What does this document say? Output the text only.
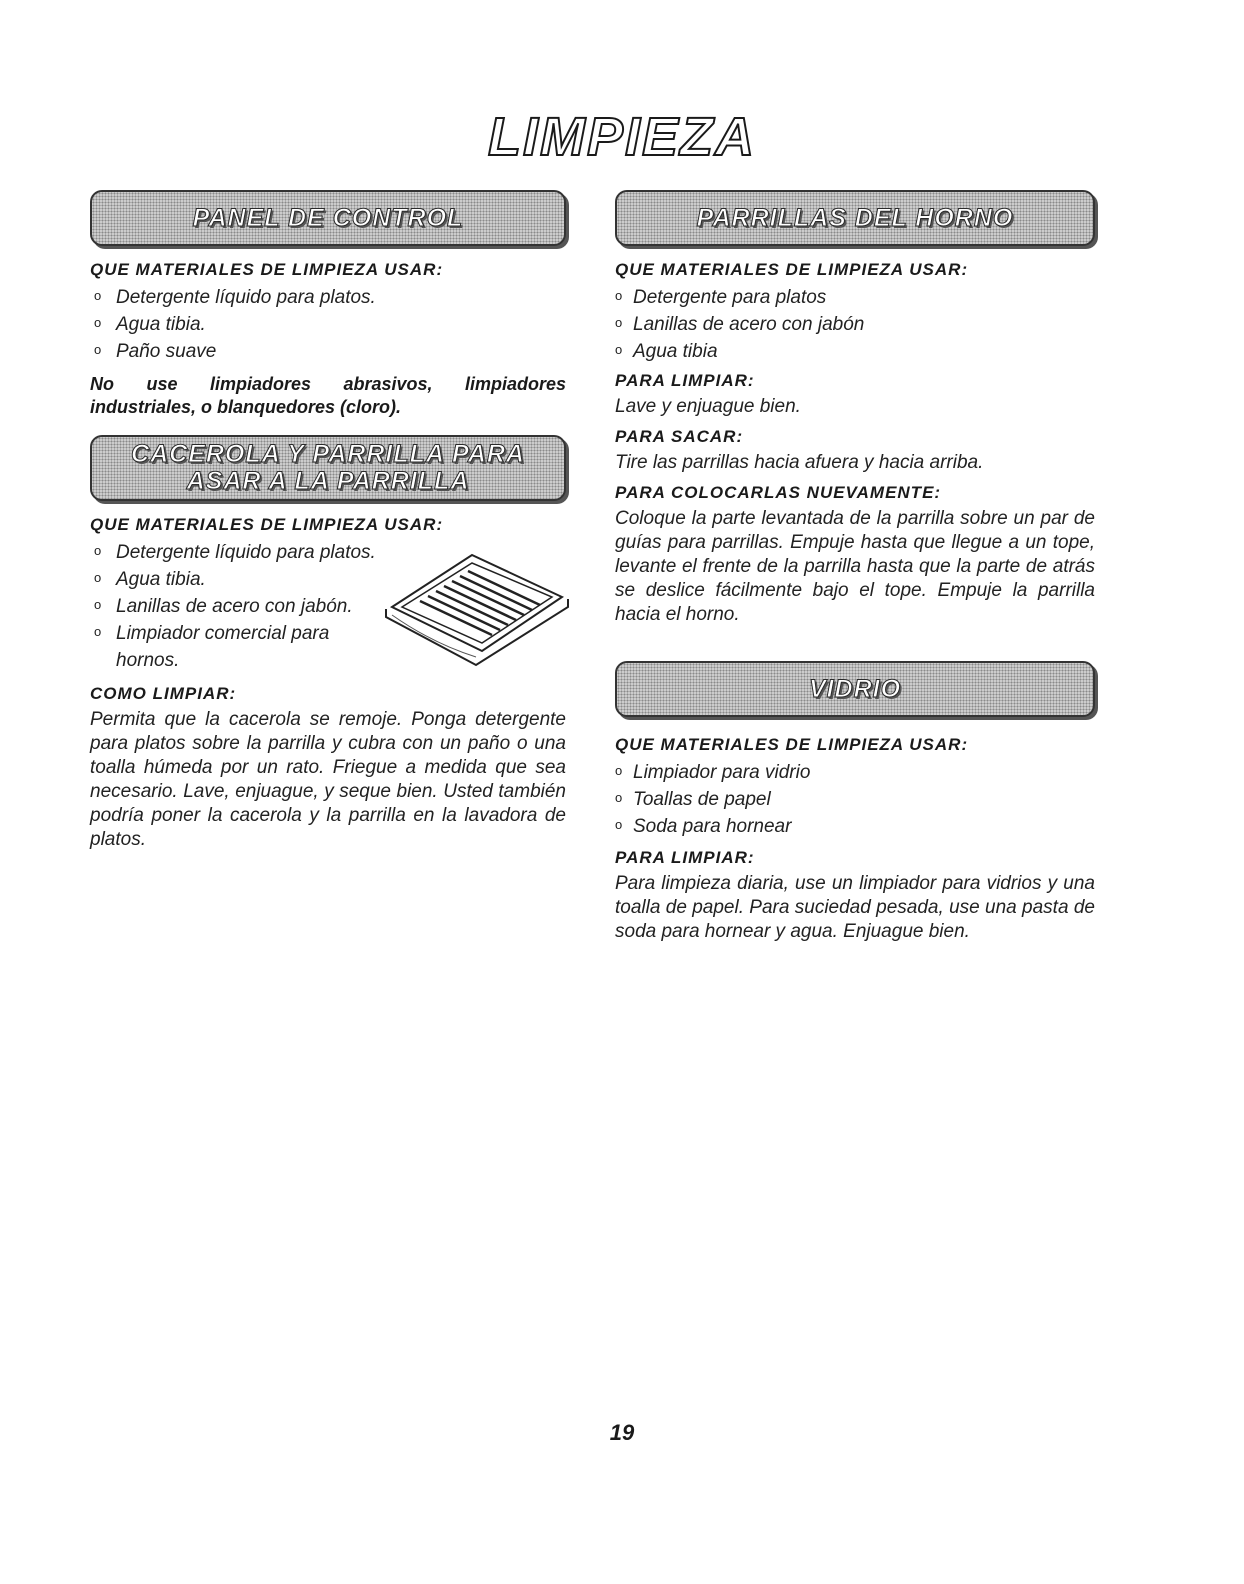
LIMPIEZA
PANEL DE CONTROL
QUE MATERIALES DE LIMPIEZA USAR:
o Detergente líquido para platos.
o Agua tibia.
o Paño suave
No use limpiadores abrasivos, limpiadores industriales, o blanquedores (cloro).
CACEROLA Y PARRILLA PARA
ASAR A LA PARRILLA
QUE MATERIALES DE LIMPIEZA USAR:
o Detergente líquido para platos.
o Agua tibia.
o Lanillas de acero con jabón.
o Limpiador comercial para hornos.
COMO LIMPIAR:
Permita que la cacerola se remoje. Ponga detergente para platos sobre la parrilla y cubra con un paño o una toalla húmeda por un rato. Friegue a medida que sea necesario. Lave, enjuague, y seque bien. Usted también podría poner la cacerola y la parrilla en la lavadora de platos.
PARRILLAS DEL HORNO
QUE MATERIALES DE LIMPIEZA USAR:
o Detergente para platos
o Lanillas de acero con jabón
o Agua tibia
PARA LIMPIAR:
Lave y enjuague bien.
PARA SACAR:
Tire las parrillas hacia afuera y hacia arriba.
PARA COLOCARLAS NUEVAMENTE:
Coloque la parte levantada de la parrilla sobre un par de guías para parrillas. Empuje hasta que llegue a un tope, levante el frente de la parrilla hasta que la parte de atrás se deslice fácilmente bajo el tope. Empuje la parrilla hacia el horno.
VIDRIO
QUE MATERIALES DE LIMPIEZA USAR:
o Limpiador para vidrio
o Toallas de papel
o Soda para hornear
PARA LIMPIAR:
Para limpieza diaria, use un limpiador para vidrios y una toalla de papel. Para suciedad pesada, use una pasta de soda para hornear y agua. Enjuague bien.
19
